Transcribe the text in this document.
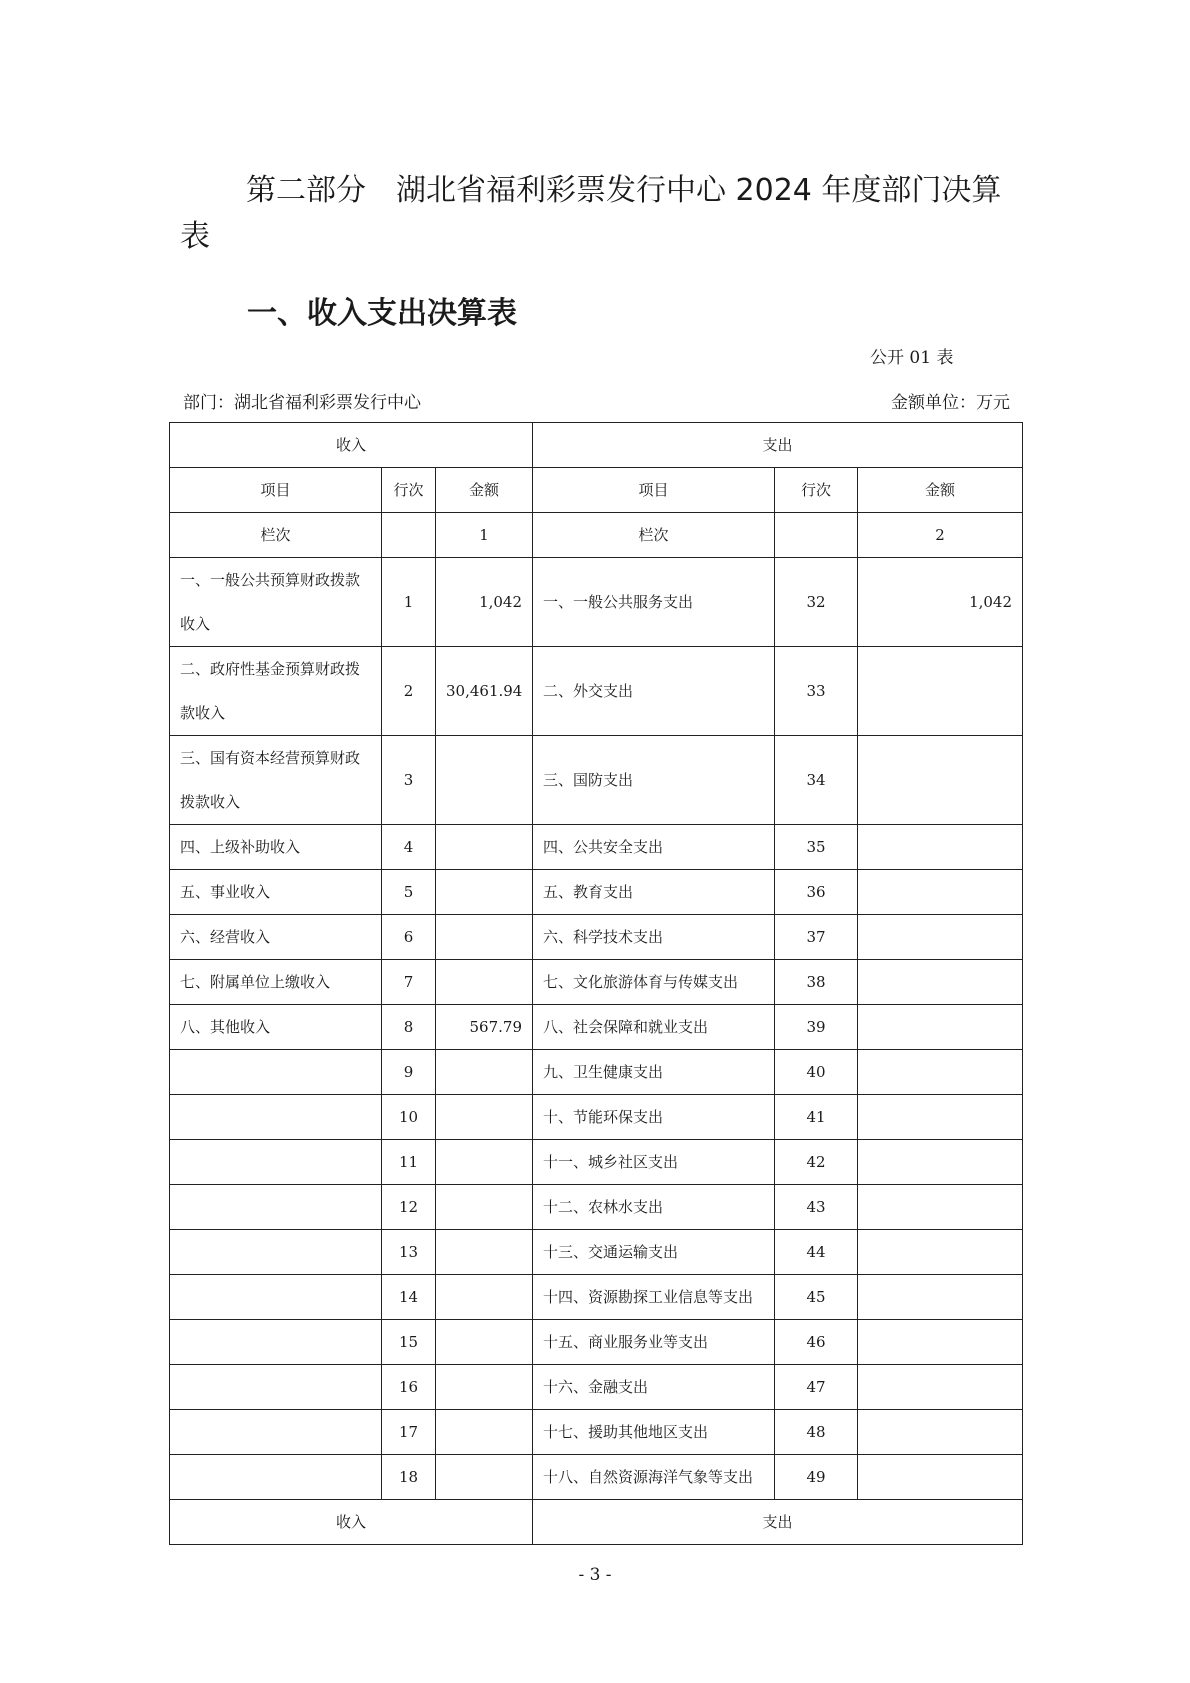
第二部分　湖北省福利彩票发行中心 2024 年度部门决算表
一、收入支出决算表
公开 01 表
部门：湖北省福利彩票发行中心	金额单位：万元
收入			支出		
项目	行次	金额	项目	行次	金额
栏次		1	栏次		2
一、一般公共预算财政拨款收入	1	1,042	一、一般公共服务支出	32	1,042
二、政府性基金预算财政拨款收入	2	30,461.94	二、外交支出	33	
三、国有资本经营预算财政拨款收入	3		三、国防支出	34	
四、上级补助收入	4		四、公共安全支出	35	
五、事业收入	5		五、教育支出	36	
六、经营收入	6		六、科学技术支出	37	
七、附属单位上缴收入	7		七、文化旅游体育与传媒支出	38	
八、其他收入	8	567.79	八、社会保障和就业支出	39	
	9		九、卫生健康支出	40	
	10		十、节能环保支出	41	
	11		十一、城乡社区支出	42	
	12		十二、农林水支出	43	
	13		十三、交通运输支出	44	
	14		十四、资源勘探工业信息等支出	45	
	15		十五、商业服务业等支出	46	
	16		十六、金融支出	47	
	17		十七、援助其他地区支出	48	
	18		十八、自然资源海洋气象等支出	49	
收入			支出		
- 3 -
